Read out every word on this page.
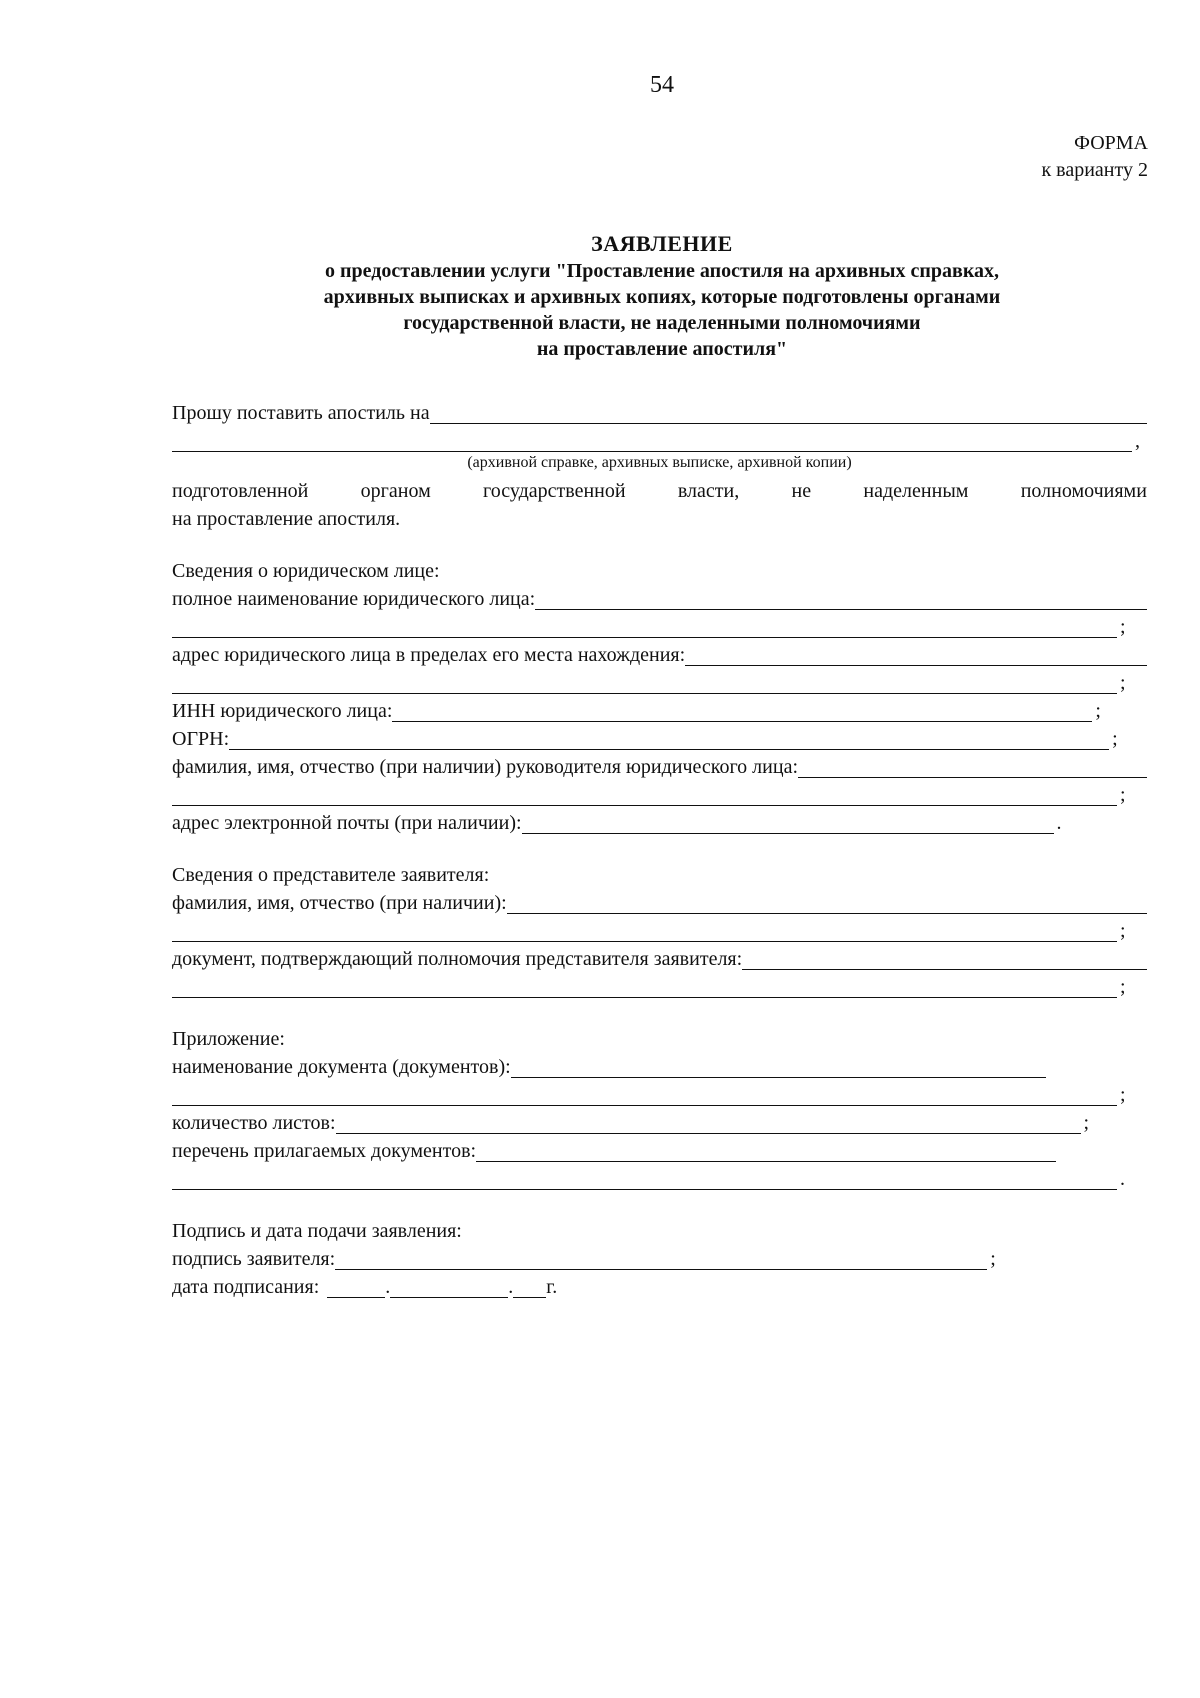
54
ФОРМА
к варианту 2
ЗАЯВЛЕНИЕ
о предоставлении услуги "Проставление апостиля на архивных справках,
архивных выписках и архивных копиях, которые подготовлены органами
государственной власти, не наделенными полномочиями
на проставление апостиля"
Прошу поставить апостиль на
,
(архивной справке, архивных выписке, архивной копии)
подготовленной	органом	государственной	власти,	не	наделенным	полномочиями
на проставление апостиля.
Сведения о юридическом лице:
полное наименование юридического лица:
;
адрес юридического лица в пределах его места нахождения:
;
ИНН юридического лица:	;
ОГРН:	;
фамилия, имя, отчество (при наличии) руководителя юридического лица:
;
адрес электронной почты (при наличии):	.
Сведения о представителе заявителя:
фамилия, имя, отчество (при наличии):
;
документ, подтверждающий полномочия представителя заявителя:
;
Приложение:
наименование документа (документов):
;
количество листов:	;
перечень прилагаемых документов:
.
Подпись и дата подачи заявления:
подпись заявителя:	;
дата подписания:	.	. г.
